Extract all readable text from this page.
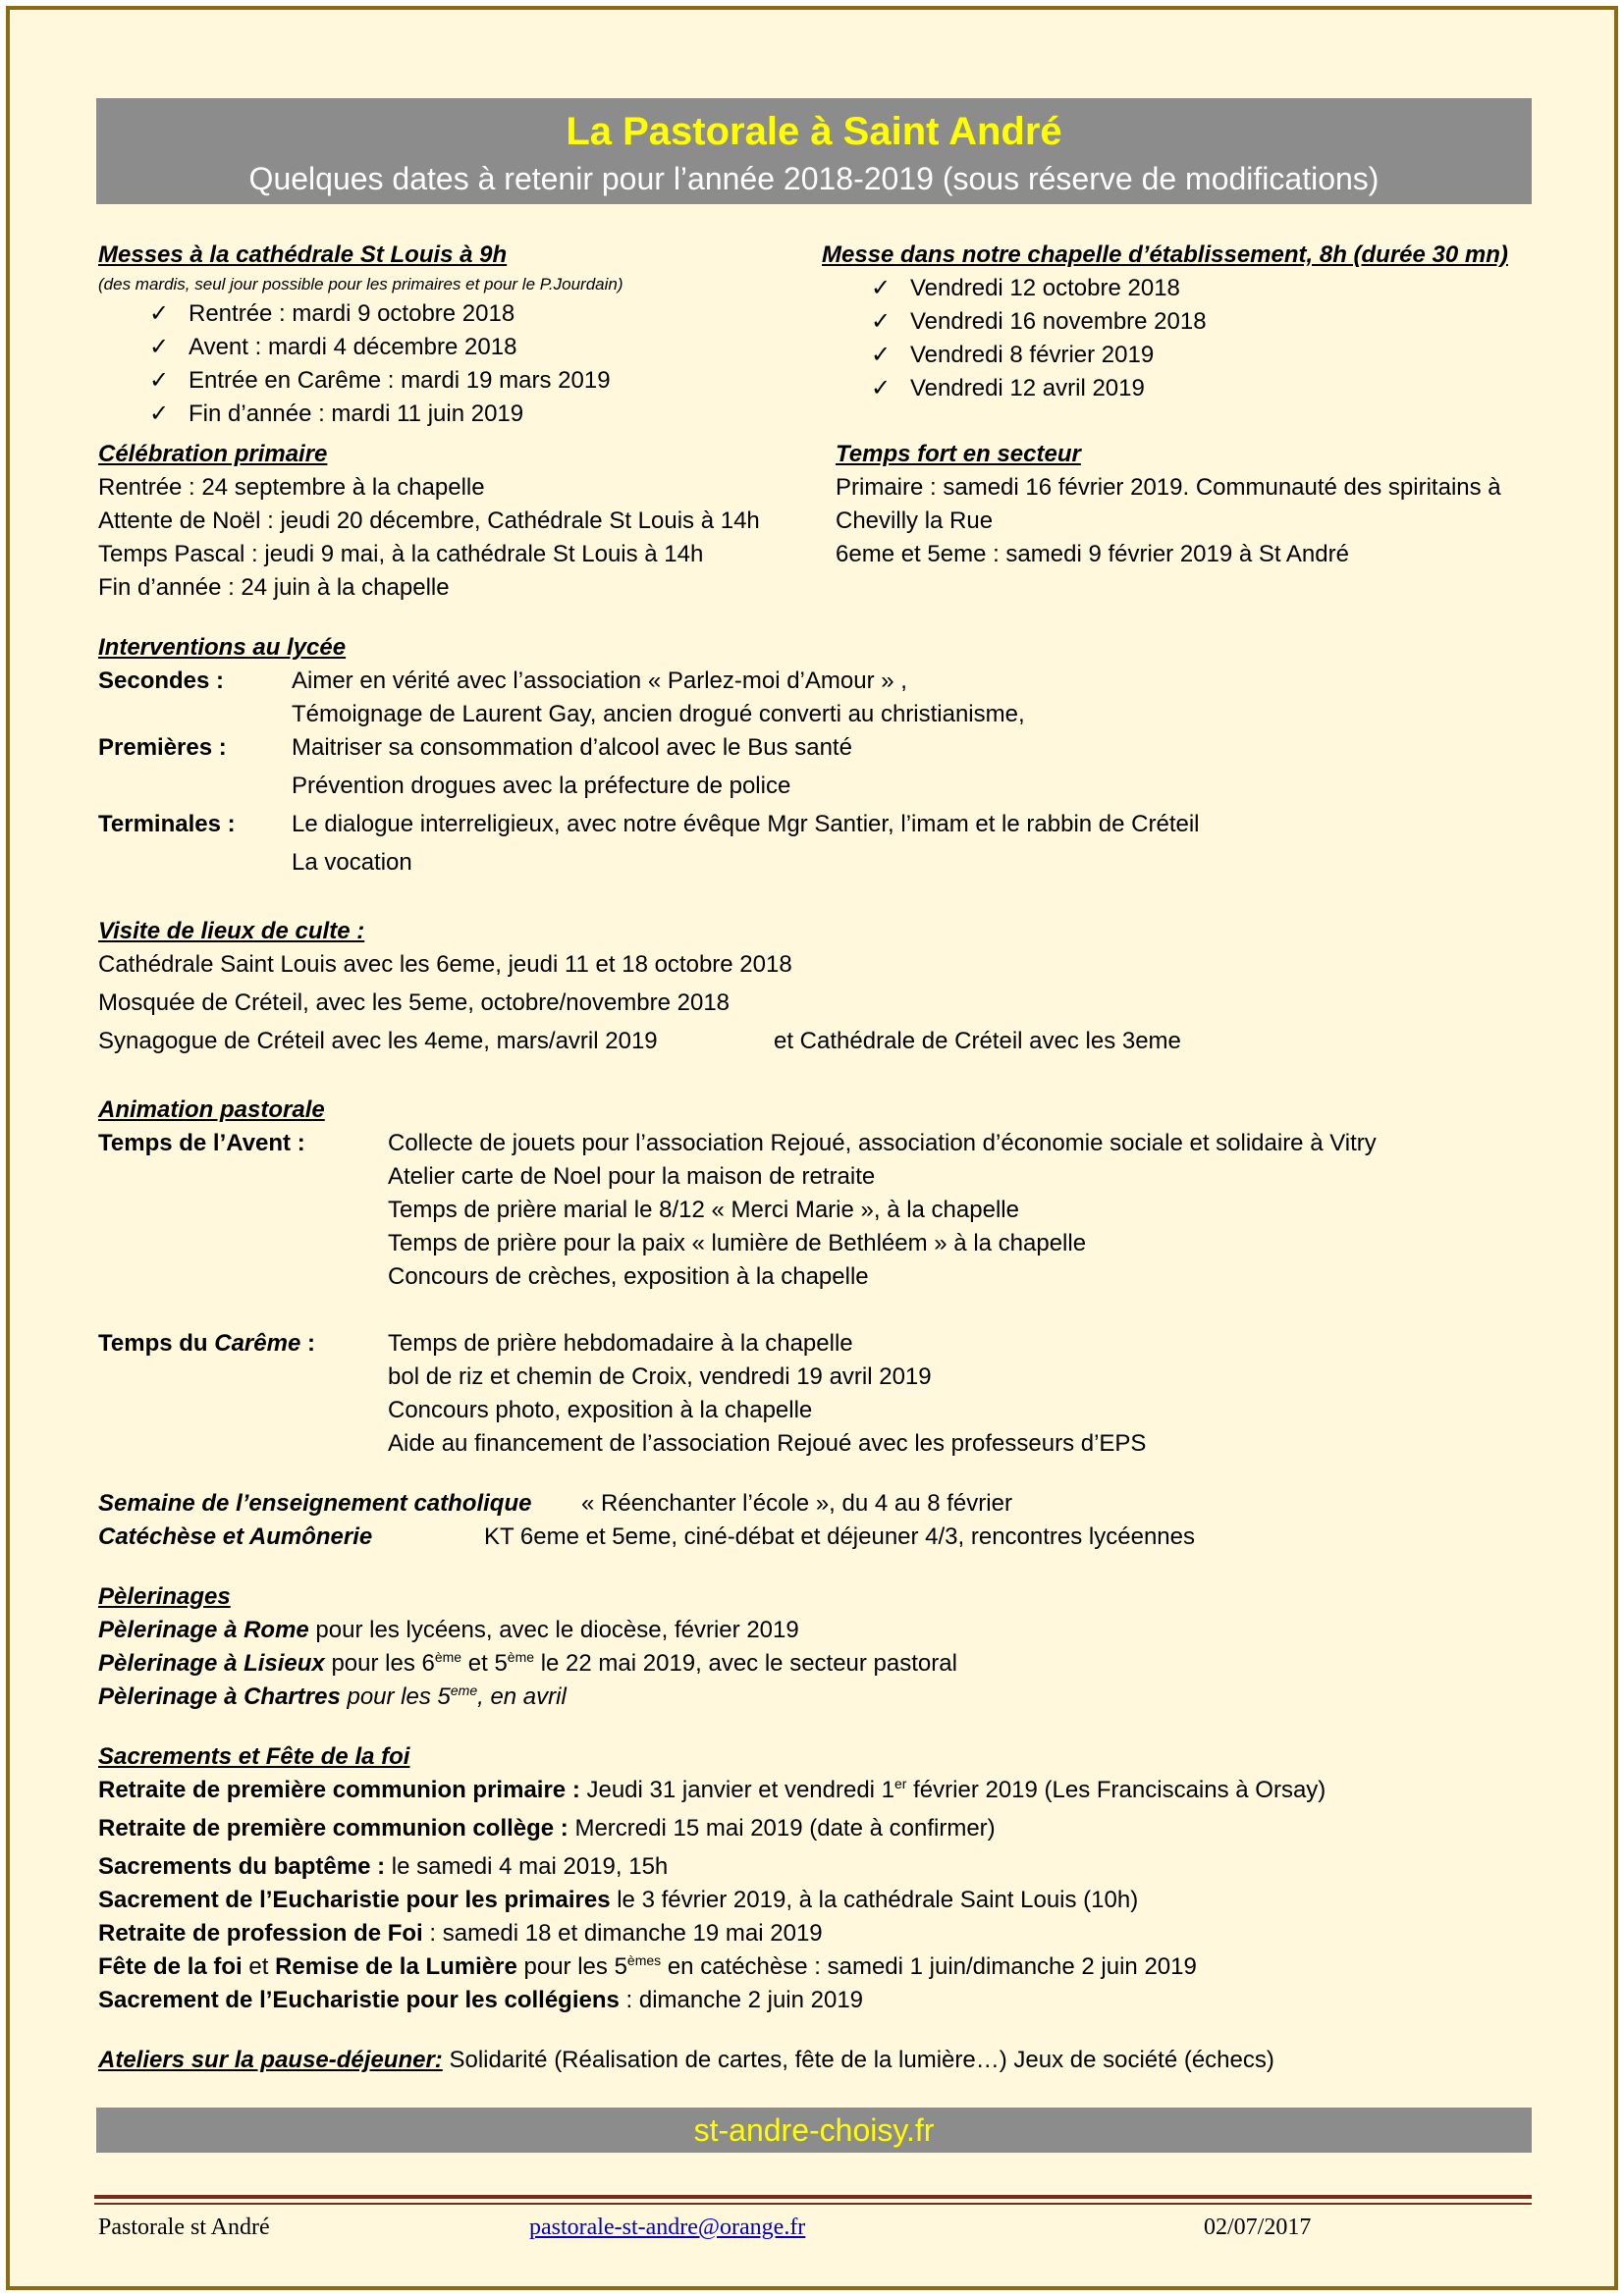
La Pastorale à Saint André
Quelques dates à retenir pour l’année 2018-2019 (sous réserve de modifications)
Messes à la cathédrale St Louis à 9h
(des mardis, seul jour possible pour les primaires et pour le P.Jourdain)
✓ Rentrée : mardi 9 octobre 2018
✓ Avent : mardi 4 décembre 2018
✓ Entrée en Carême : mardi 19 mars 2019
✓ Fin d’année : mardi 11 juin 2019
Messe dans notre chapelle d’établissement, 8h (durée 30 mn)
✓ Vendredi 12 octobre 2018
✓ Vendredi 16 novembre 2018
✓ Vendredi 8 février 2019
✓ Vendredi 12 avril 2019
Célébration primaire
Rentrée : 24 septembre à la chapelle
Attente de Noël : jeudi 20 décembre, Cathédrale St Louis à 14h
Temps Pascal : jeudi 9 mai, à la cathédrale St Louis à 14h
Fin d’année : 24 juin à la chapelle
Temps fort en secteur
Primaire : samedi 16 février 2019. Communauté des spiritains à
Chevilly la Rue
6eme et 5eme : samedi 9 février 2019 à St André
Interventions au lycée
Secondes :	Aimer en vérité avec l’association « Parlez-moi d’Amour » ,
Témoignage de Laurent Gay, ancien drogué converti au christianisme,
Premières :	Maitriser sa consommation d’alcool avec le Bus santé
Prévention drogues avec la préfecture de police
Terminales : Le dialogue interreligieux, avec notre évêque Mgr Santier, l’imam et le rabbin de Créteil
La vocation
Visite de lieux de culte :
Cathédrale Saint Louis avec les 6eme, jeudi 11 et 18 octobre 2018
Mosquée de Créteil, avec les 5eme, octobre/novembre 2018
Synagogue de Créteil avec les 4eme, mars/avril 2019	et Cathédrale de Créteil avec les 3eme
Animation pastorale
Temps de l’Avent :	Collecte de jouets pour l’association Rejoué, association d’économie sociale et solidaire à Vitry
Atelier carte de Noel pour la maison de retraite
Temps de prière marial le 8/12 « Merci Marie », à la chapelle
Temps de prière pour la paix « lumière de Bethléem » à la chapelle
Concours de crèches, exposition à la chapelle
Temps du Carême :	Temps de prière hebdomadaire à la chapelle
bol de riz et chemin de Croix, vendredi 19 avril 2019
Concours photo, exposition à la chapelle
Aide au financement de l’association Rejoué avec les professeurs d’EPS
Semaine de l’enseignement catholique « Réenchanter l’école », du 4 au 8 février
Catéchèse et Aumônerie	KT 6eme et 5eme, ciné-débat et déjeuner 4/3, rencontres lycéennes
Pèlerinages
Pèlerinage à Rome pour les lycéens, avec le diocèse, février 2019
Pèlerinage à Lisieux pour les 6ème et 5ème le 22 mai 2019, avec le secteur pastoral
Pèlerinage à Chartres pour les 5eme, en avril
Sacrements et Fête de la foi
Retraite de première communion primaire : Jeudi 31 janvier et vendredi 1er février 2019 (Les Franciscains à Orsay)
Retraite de première communion collège : Mercredi 15 mai 2019 (date à confirmer)
Sacrements du baptême : le samedi 4 mai 2019, 15h
Sacrement de l’Eucharistie pour les primaires le 3 février 2019, à la cathédrale Saint Louis (10h)
Retraite de profession de Foi : samedi 18 et dimanche 19 mai 2019
Fête de la foi et Remise de la Lumière pour les 5èmes en catéchèse : samedi 1 juin/dimanche 2 juin 2019
Sacrement de l’Eucharistie pour les collégiens : dimanche 2 juin 2019
Ateliers sur la pause-déjeuner: Solidarité (Réalisation de cartes, fête de la lumière…) Jeux de société (échecs)
st-andre-choisy.fr
Pastorale st André	pastorale-st-andre@orange.fr	02/07/2017
